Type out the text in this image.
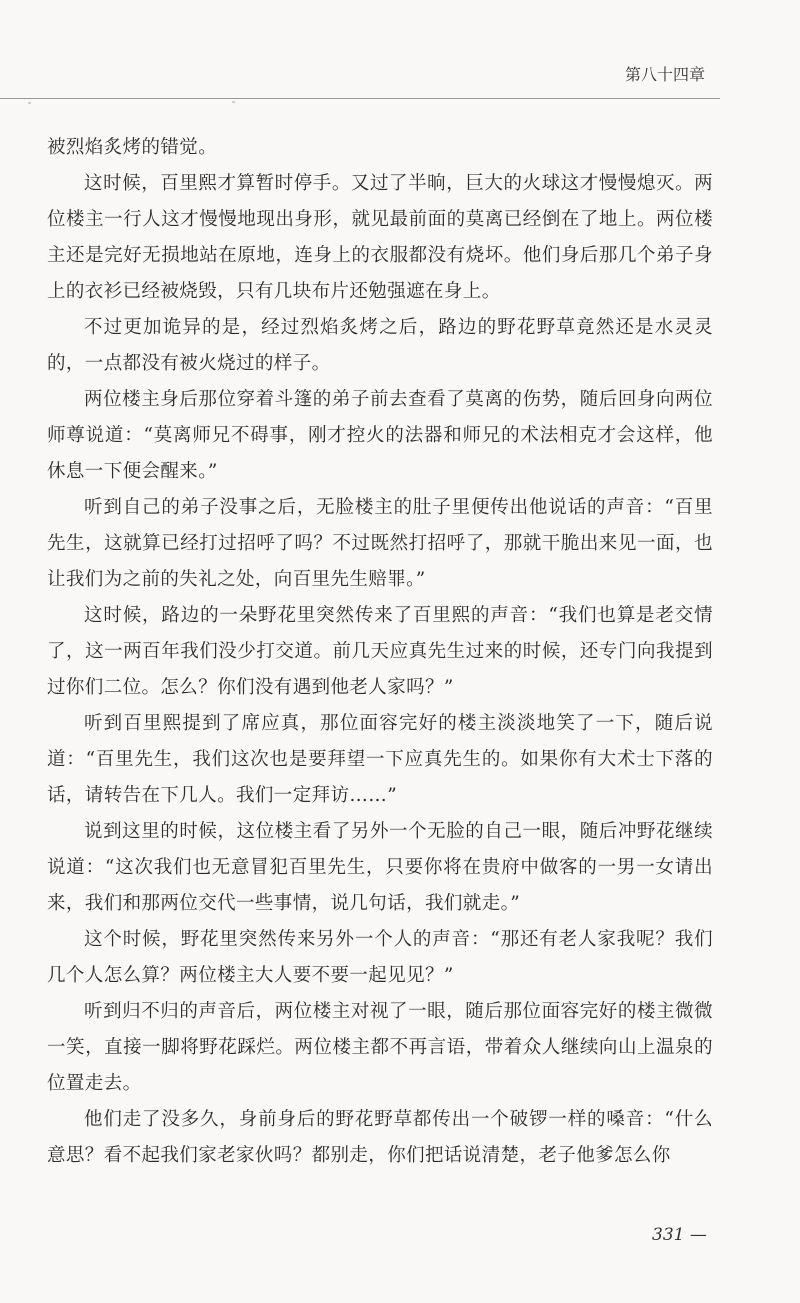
第八十四章

被烈焰炙烤的错觉。

这时候，百里熙才算暂时停手。又过了半晌，巨大的火球这才慢慢熄灭。两位楼主一行人这才慢慢地现出身形，就见最前面的莫离已经倒在了地上。两位楼主还是完好无损地站在原地，连身上的衣服都没有烧坏。他们身后那几个弟子身上的衣衫已经被烧毁，只有几块布片还勉强遮在身上。

不过更加诡异的是，经过烈焰炙烤之后，路边的野花野草竟然还是水灵灵的，一点都没有被火烧过的样子。

两位楼主身后那位穿着斗篷的弟子前去查看了莫离的伤势，随后回身向两位师尊说道：“莫离师兄不碍事，刚才控火的法器和师兄的术法相克才会这样，他休息一下便会醒来。”

听到自己的弟子没事之后，无脸楼主的肚子里便传出他说话的声音：“百里先生，这就算已经打过招呼了吗？不过既然打招呼了，那就干脆出来见一面，也让我们为之前的失礼之处，向百里先生赔罪。”

这时候，路边的一朵野花里突然传来了百里熙的声音：“我们也算是老交情了，这一两百年我们没少打交道。前几天应真先生过来的时候，还专门向我提到过你们二位。怎么？你们没有遇到他老人家吗？”

听到百里熙提到了席应真，那位面容完好的楼主淡淡地笑了一下，随后说道：“百里先生，我们这次也是要拜望一下应真先生的。如果你有大术士下落的话，请转告在下几人。我们一定拜访……”

说到这里的时候，这位楼主看了另外一个无脸的自己一眼，随后冲野花继续说道：“这次我们也无意冒犯百里先生，只要你将在贵府中做客的一男一女请出来，我们和那两位交代一些事情，说几句话，我们就走。”

这个时候，野花里突然传来另外一个人的声音：“那还有老人家我呢？我们几个人怎么算？两位楼主大人要不要一起见见？”

听到归不归的声音后，两位楼主对视了一眼，随后那位面容完好的楼主微微一笑，直接一脚将野花踩烂。两位楼主都不再言语，带着众人继续向山上温泉的位置走去。

他们走了没多久，身前身后的野花野草都传出一个破锣一样的嗓音：“什么意思？看不起我们家老家伙吗？都别走，你们把话说清楚，老子他爹怎么你

331 —
